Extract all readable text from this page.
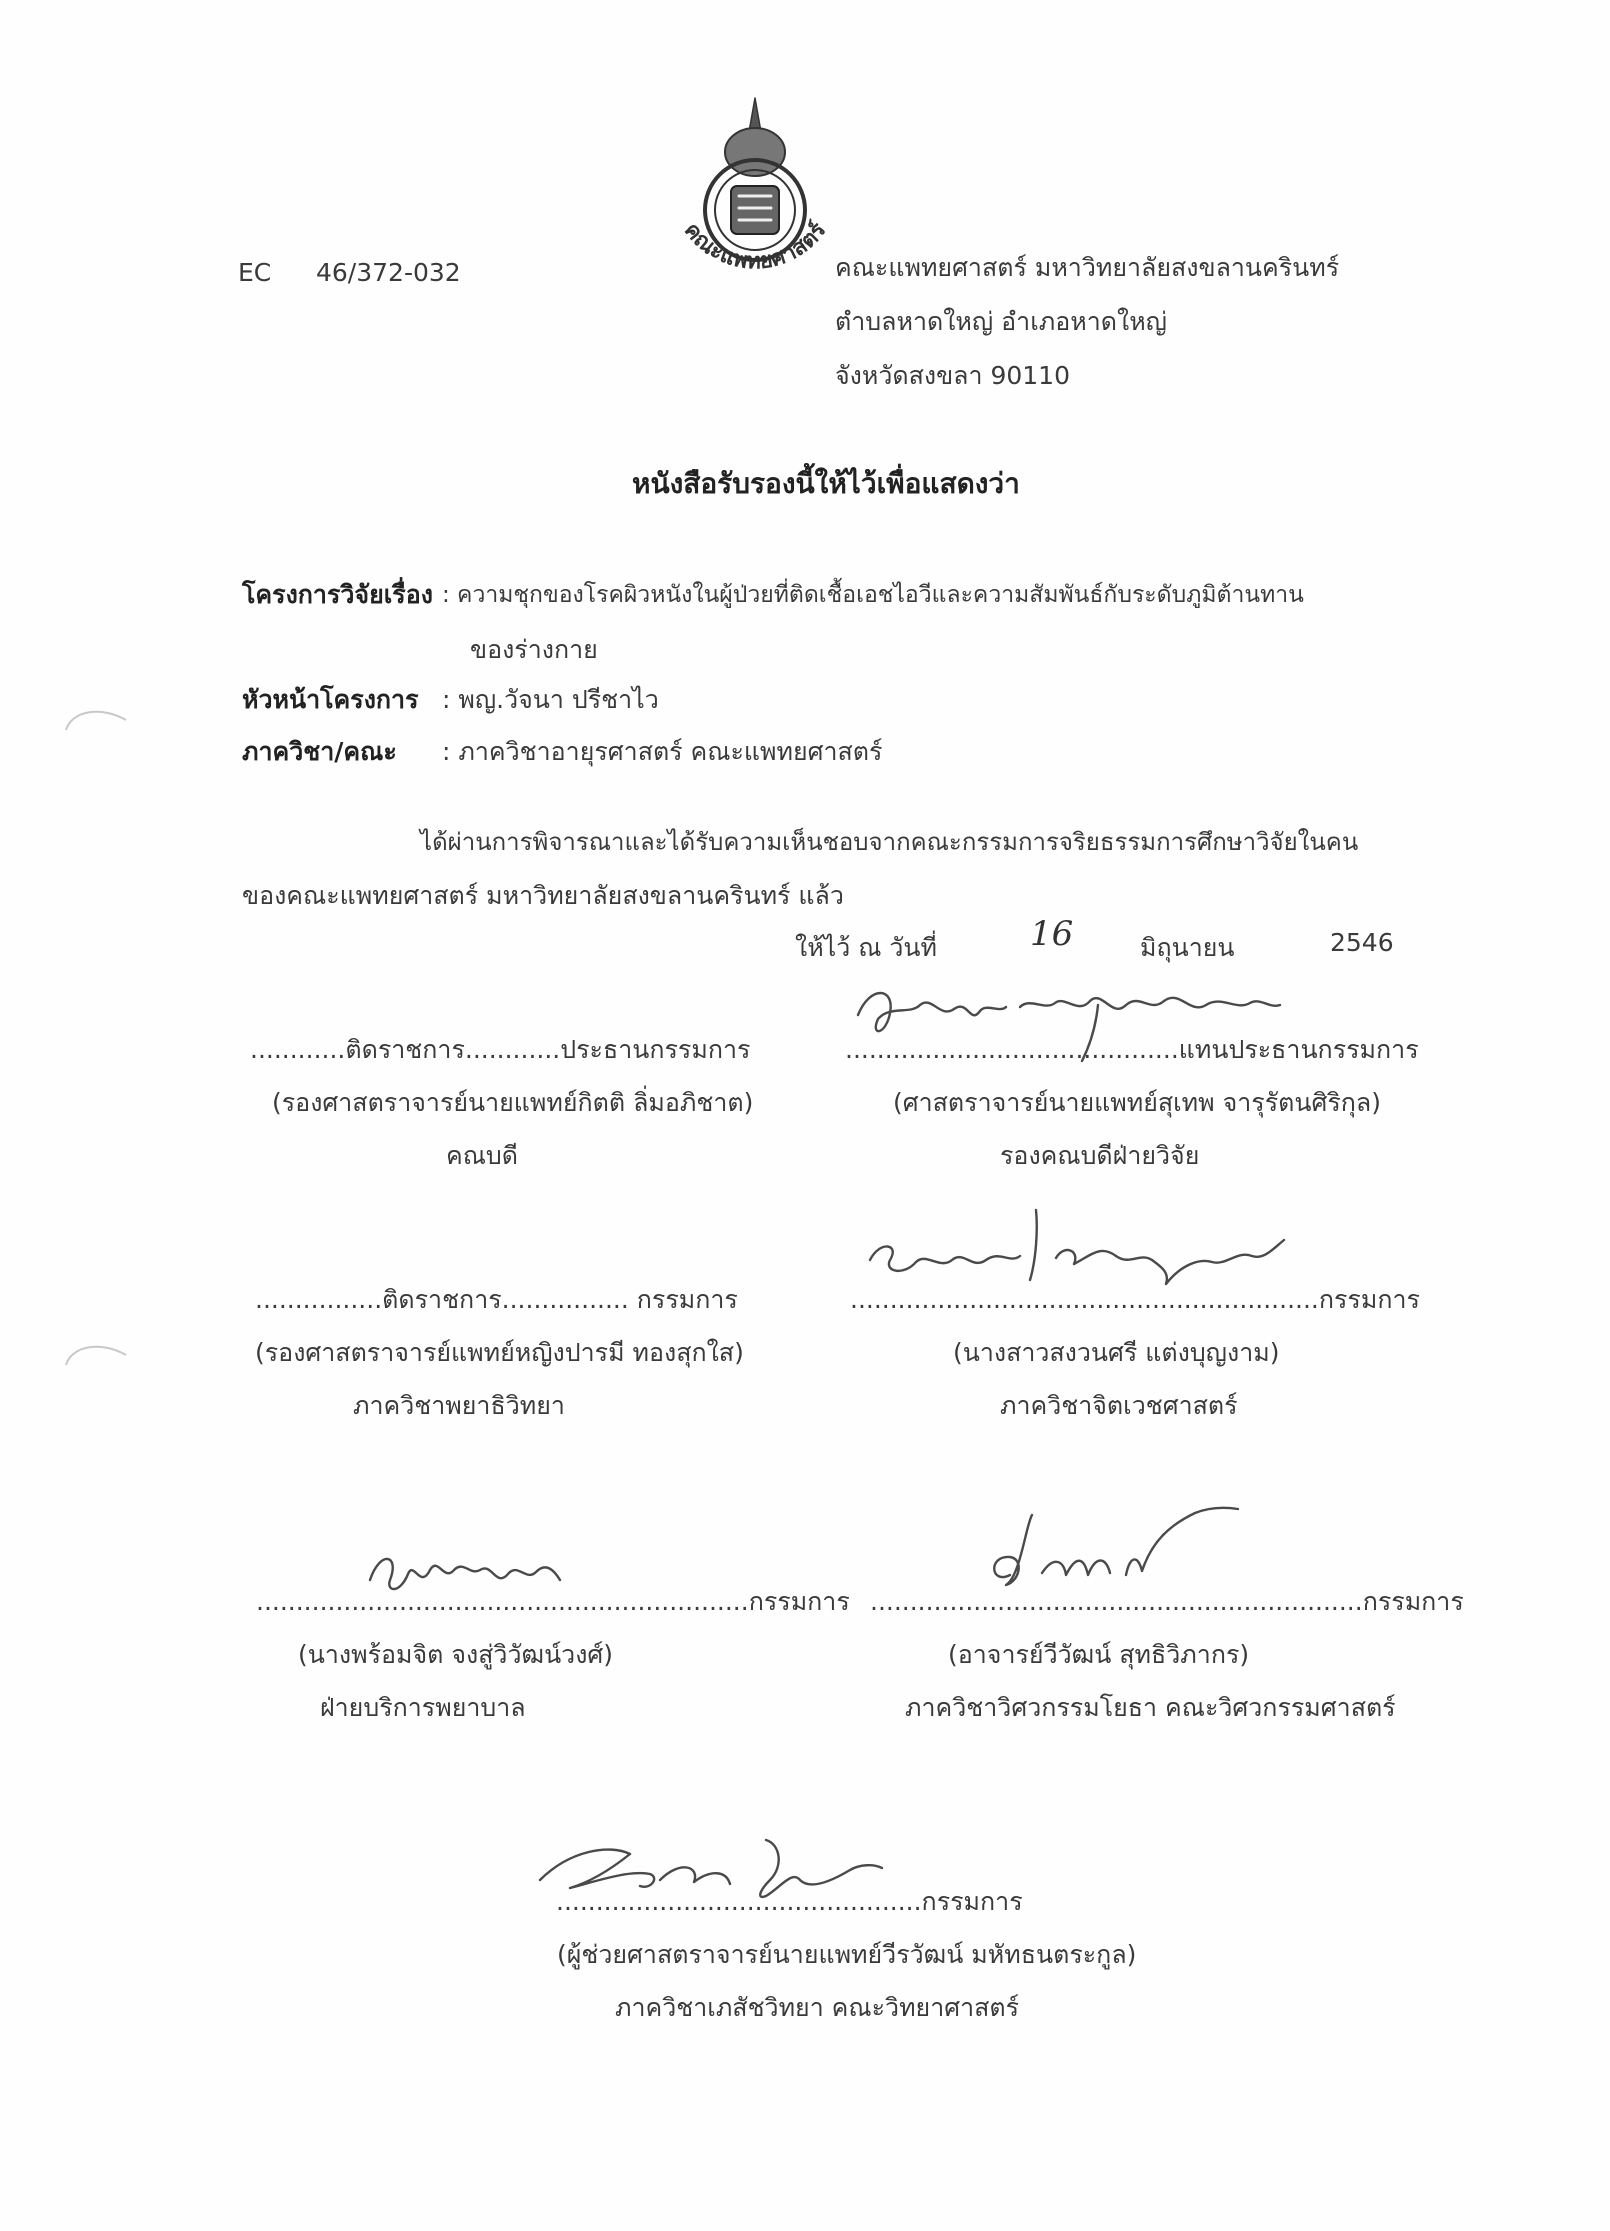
EC 46/372-032
คณะแพทยศาสตร์
คณะแพทยศาสตร์ มหาวิทยาลัยสงขลานครินทร์
ตำบลหาดใหญ่ อำเภอหาดใหญ่
จังหวัดสงขลา 90110
หนังสือรับรองนี้ให้ไว้เพื่อแสดงว่า
โครงการวิจัยเรื่อง : ความชุกของโรคผิวหนังในผู้ป่วยที่ติดเชื้อเอชไอวีและความสัมพันธ์กับระดับภูมิต้านทาน
ของร่างกาย
หัวหน้าโครงการ : พญ.วัจนา ปรีชาไว
ภาควิชา/คณะ : ภาควิชาอายุรศาสตร์ คณะแพทยศาสตร์
ได้ผ่านการพิจารณาและได้รับความเห็นชอบจากคณะกรรมการจริยธรรมการศึกษาวิจัยในคน
ของคณะแพทยศาสตร์ มหาวิทยาลัยสงขลานครินทร์ แล้ว
ให้ไว้ ณ วันที่	16	มิถุนายน	2546
............ติดราชการ............ประธานกรรมการ
(รองศาสตราจารย์นายแพทย์กิตติ ลิ่มอภิชาต)
คณบดี
..........................................แทนประธานกรรมการ
(ศาสตราจารย์นายแพทย์สุเทพ จารุรัตนศิริกุล)
รองคณบดีฝ่ายวิจัย
................ติดราชการ................ กรรมการ
(รองศาสตราจารย์แพทย์หญิงปารมี ทองสุกใส)
ภาควิชาพยาธิวิทยา
...........................................................กรรมการ
(นางสาวสงวนศรี แต่งบุญงาม)
ภาควิชาจิตเวชศาสตร์
..............................................................กรรมการ
(นางพร้อมจิต จงสู่วิวัฒน์วงศ์)
ฝ่ายบริการพยาบาล
..............................................................กรรมการ
(อาจารย์วีวัฒน์ สุทธิวิภากร)
ภาควิชาวิศวกรรมโยธา คณะวิศวกรรมศาสตร์
..............................................กรรมการ
(ผู้ช่วยศาสตราจารย์นายแพทย์วีรวัฒน์ มหัทธนตระกูล)
ภาควิชาเภสัชวิทยา คณะวิทยาศาสตร์
